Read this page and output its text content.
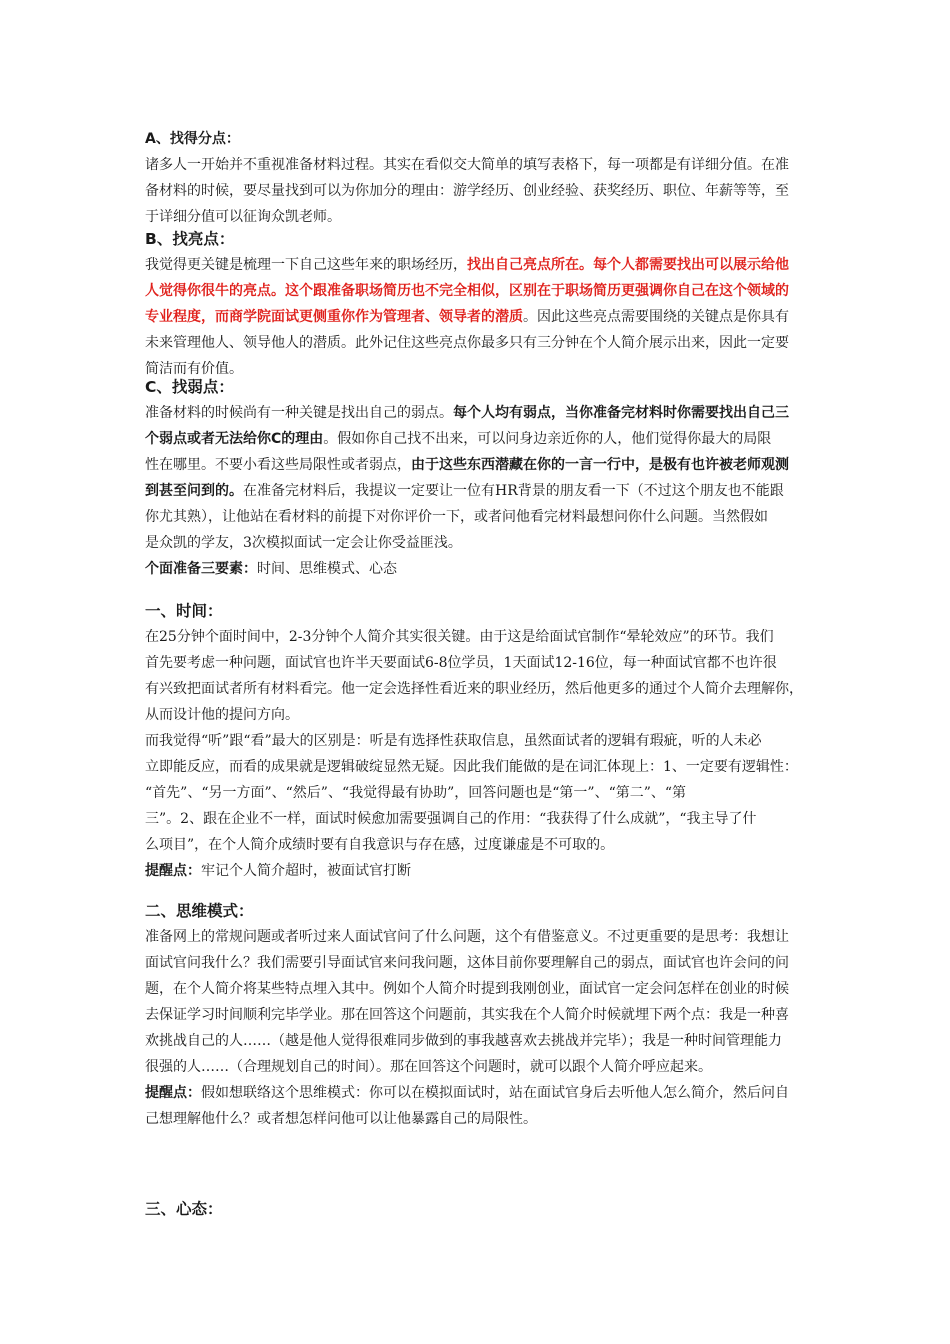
A、找得分点：
诸多人一开始并不重视准备材料过程。其实在看似交大简单的填写表格下，每一项都是有详细分值。在准
备材料的时候，要尽量找到可以为你加分的理由：游学经历、创业经验、获奖经历、职位、年薪等等，至
于详细分值可以征询众凯老师。
B、找亮点：
我觉得更关键是梳理一下自己这些年来的职场经历，找出自己亮点所在。每个人都需要找出可以展示给他
人觉得你很牛的亮点。这个跟准备职场简历也不完全相似，区别在于职场简历更强调你自己在这个领域的
专业程度，而商学院面试更侧重你作为管理者、领导者的潜质。因此这些亮点需要围绕的关键点是你具有
未来管理他人、领导他人的潜质。此外记住这些亮点你最多只有三分钟在个人简介展示出来，因此一定要
简洁而有价值。
C、找弱点：
准备材料的时候尚有一种关键是找出自己的弱点。每个人均有弱点，当你准备完材料时你需要找出自己三
个弱点或者无法给你C的理由。假如你自己找不出来，可以问身边亲近你的人，他们觉得你最大的局限
性在哪里。不要小看这些局限性或者弱点，由于这些东西潜藏在你的一言一行中，是极有也许被老师观测
到甚至问到的。在准备完材料后，我提议一定要让一位有HR背景的朋友看一下（不过这个朋友也不能跟
你尤其熟），让他站在看材料的前提下对你评价一下，或者问他看完材料最想问你什么问题。当然假如
是众凯的学友，3次模拟面试一定会让你受益匪浅。
个面准备三要素：时间、思维模式、心态
一、时间：
在25分钟个面时间中，2-3分钟个人简介其实很关键。由于这是给面试官制作“晕轮效应”的环节。我们
首先要考虑一种问题，面试官也许半天要面试6-8位学员，1天面试12-16位，每一种面试官都不也许很
有兴致把面试者所有材料看完。他一定会选择性看近来的职业经历，然后他更多的通过个人简介去理解你，
从而设计他的提问方向。
而我觉得“听”跟“看”最大的区别是：听是有选择性获取信息，虽然面试者的逻辑有瑕疵，听的人未必
立即能反应，而看的成果就是逻辑破绽显然无疑。因此我们能做的是在词汇体现上：1、一定要有逻辑性：
“首先”、“另一方面”、“然后”、“我觉得最有协助”，回答问题也是“第一”、“第二”、“第
三”。2、跟在企业不一样，面试时候愈加需要强调自己的作用：“我获得了什么成就”，“我主导了什
么项目”，在个人简介成绩时要有自我意识与存在感，过度谦虚是不可取的。
提醒点：牢记个人简介超时，被面试官打断
二、思维模式：
准备网上的常规问题或者听过来人面试官问了什么问题，这个有借鉴意义。不过更重要的是思考：我想让
面试官问我什么？我们需要引导面试官来问我问题，这体目前你要理解自己的弱点，面试官也许会问的问
题，在个人简介将某些特点埋入其中。例如个人简介时提到我刚创业，面试官一定会问怎样在创业的时候
去保证学习时间顺利完毕学业。那在回答这个问题前，其实我在个人简介时候就埋下两个点：我是一种喜
欢挑战自己的人……（越是他人觉得很难同步做到的事我越喜欢去挑战并完毕）；我是一种时间管理能力
很强的人……（合理规划自己的时间）。那在回答这个问题时，就可以跟个人简介呼应起来。
提醒点：假如想联络这个思维模式：你可以在模拟面试时，站在面试官身后去听他人怎么简介，然后问自
己想理解他什么？或者想怎样问他可以让他暴露自己的局限性。
三、心态：
